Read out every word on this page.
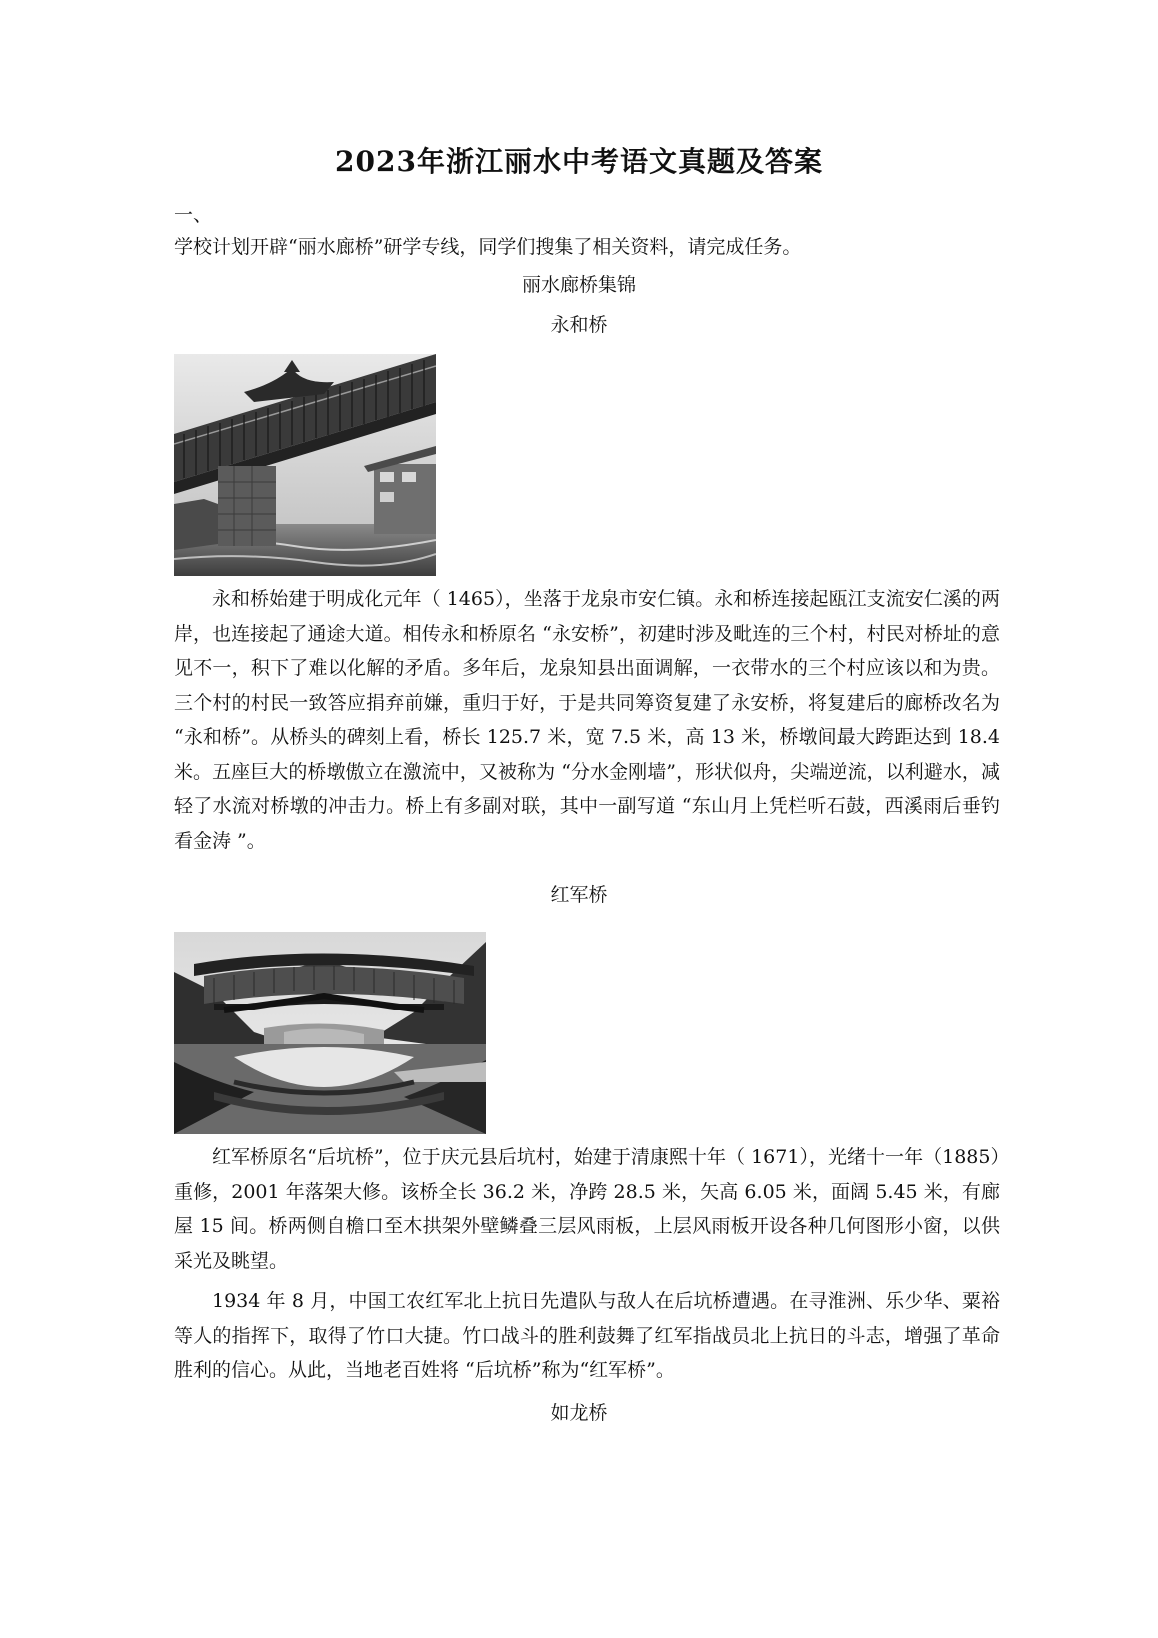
2023年浙江丽水中考语文真题及答案
一、
学校计划开辟“丽水廊桥”研学专线，同学们搜集了相关资料，请完成任务。
丽水廊桥集锦
永和桥
永和桥始建于明成化元年（ 1465），坐落于龙泉市安仁镇。永和桥连接起瓯江支流安仁溪的两岸，也连接起了通途大道。相传永和桥原名 “永安桥”，初建时涉及毗连的三个村，村民对桥址的意见不一，积下了难以化解的矛盾。多年后，龙泉知县出面调解，一衣带水的三个村应该以和为贵。三个村的村民一致答应捐弃前嫌，重归于好，于是共同筹资复建了永安桥，将复建后的廊桥改名为 “永和桥”。从桥头的碑刻上看，桥长 125.7 米，宽 7.5 米，高 13 米，桥墩间最大跨距达到 18.4 米。五座巨大的桥墩傲立在激流中，又被称为 “分水金刚墙”，形状似舟，尖端逆流，以利避水，减轻了水流对桥墩的冲击力。桥上有多副对联，其中一副写道 “东山月上凭栏听石鼓，西溪雨后垂钓看金涛 ”。
红军桥
红军桥原名“后坑桥”，位于庆元县后坑村，始建于清康熙十年（ 1671），光绪十一年（1885）重修，2001 年落架大修。该桥全长 36.2 米，净跨 28.5 米，矢高 6.05 米，面阔 5.45 米，有廊屋 15 间。桥两侧自檐口至木拱架外壁鳞叠三层风雨板，上层风雨板开设各种几何图形小窗，以供采光及眺望。
1934 年 8 月，中国工农红军北上抗日先遣队与敌人在后坑桥遭遇。在寻淮洲、乐少华、粟裕等人的指挥下，取得了竹口大捷。竹口战斗的胜利鼓舞了红军指战员北上抗日的斗志，增强了革命胜利的信心。从此，当地老百姓将 “后坑桥”称为“红军桥”。
如龙桥
